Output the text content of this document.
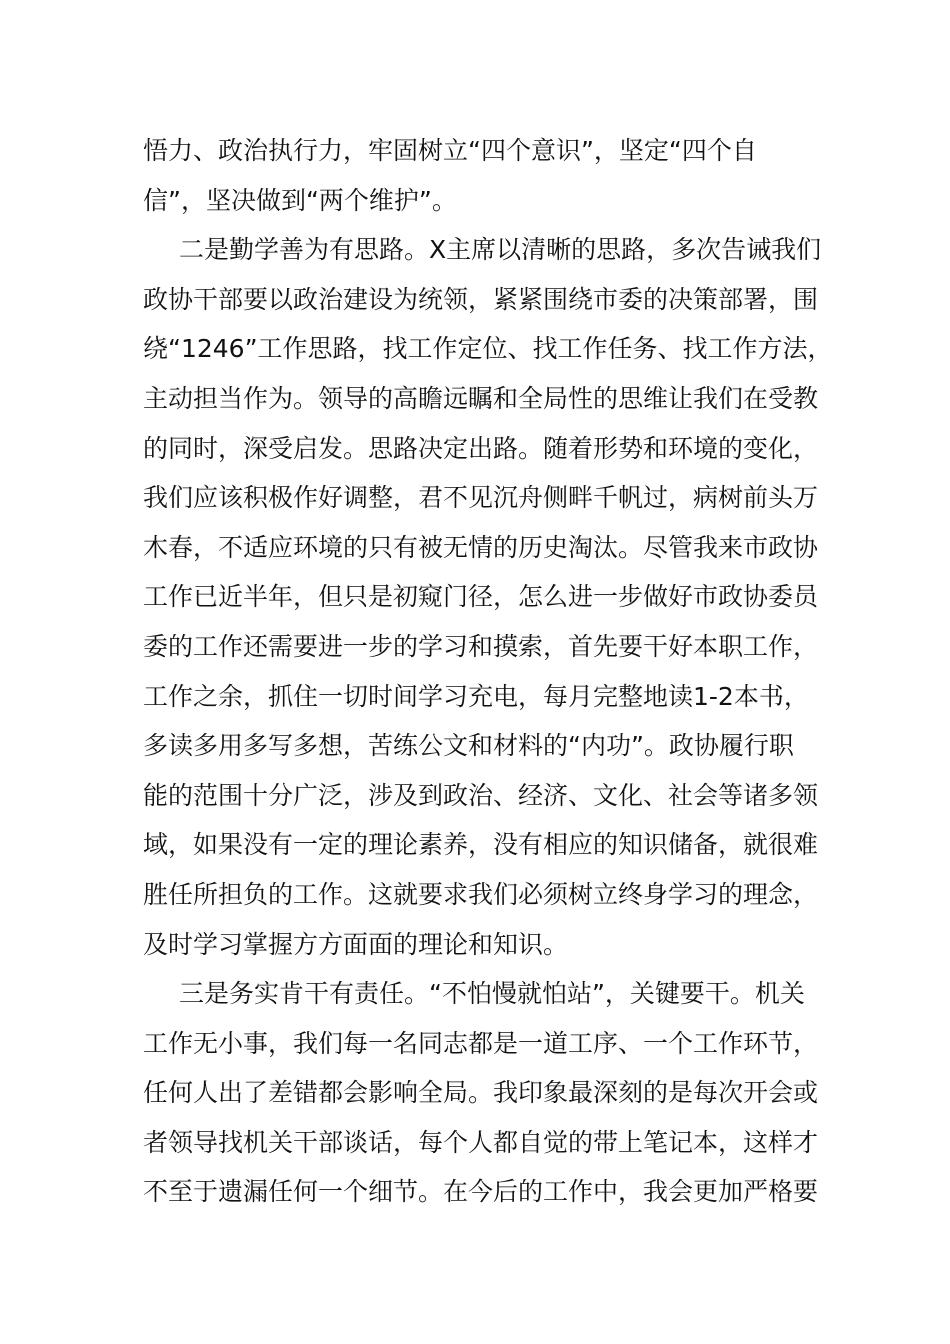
悟力、政治执行力，牢固树立“四个意识”，坚定“四个自
信”，坚决做到“两个维护”。
二是勤学善为有思路。X主席以清晰的思路，多次告诫我们
政协干部要以政治建设为统领，紧紧围绕市委的决策部署，围
绕“1246”工作思路，找工作定位、找工作任务、找工作方法，
主动担当作为。领导的高瞻远瞩和全局性的思维让我们在受教
的同时，深受启发。思路决定出路。随着形势和环境的变化，
我们应该积极作好调整，君不见沉舟侧畔千帆过，病树前头万
木春，不适应环境的只有被无情的历史淘汰。尽管我来市政协
工作已近半年，但只是初窥门径，怎么进一步做好市政协委员
委的工作还需要进一步的学习和摸索，首先要干好本职工作，
工作之余，抓住一切时间学习充电，每月完整地读1-2本书，
多读多用多写多想，苦练公文和材料的“内功”。政协履行职
能的范围十分广泛，涉及到政治、经济、文化、社会等诸多领
域，如果没有一定的理论素养，没有相应的知识储备，就很难
胜任所担负的工作。这就要求我们必须树立终身学习的理念，
及时学习掌握方方面面的理论和知识。
三是务实肯干有责任。“不怕慢就怕站”，关键要干。机关
工作无小事，我们每一名同志都是一道工序、一个工作环节，
任何人出了差错都会影响全局。我印象最深刻的是每次开会或
者领导找机关干部谈话，每个人都自觉的带上笔记本，这样才
不至于遗漏任何一个细节。在今后的工作中，我会更加严格要
